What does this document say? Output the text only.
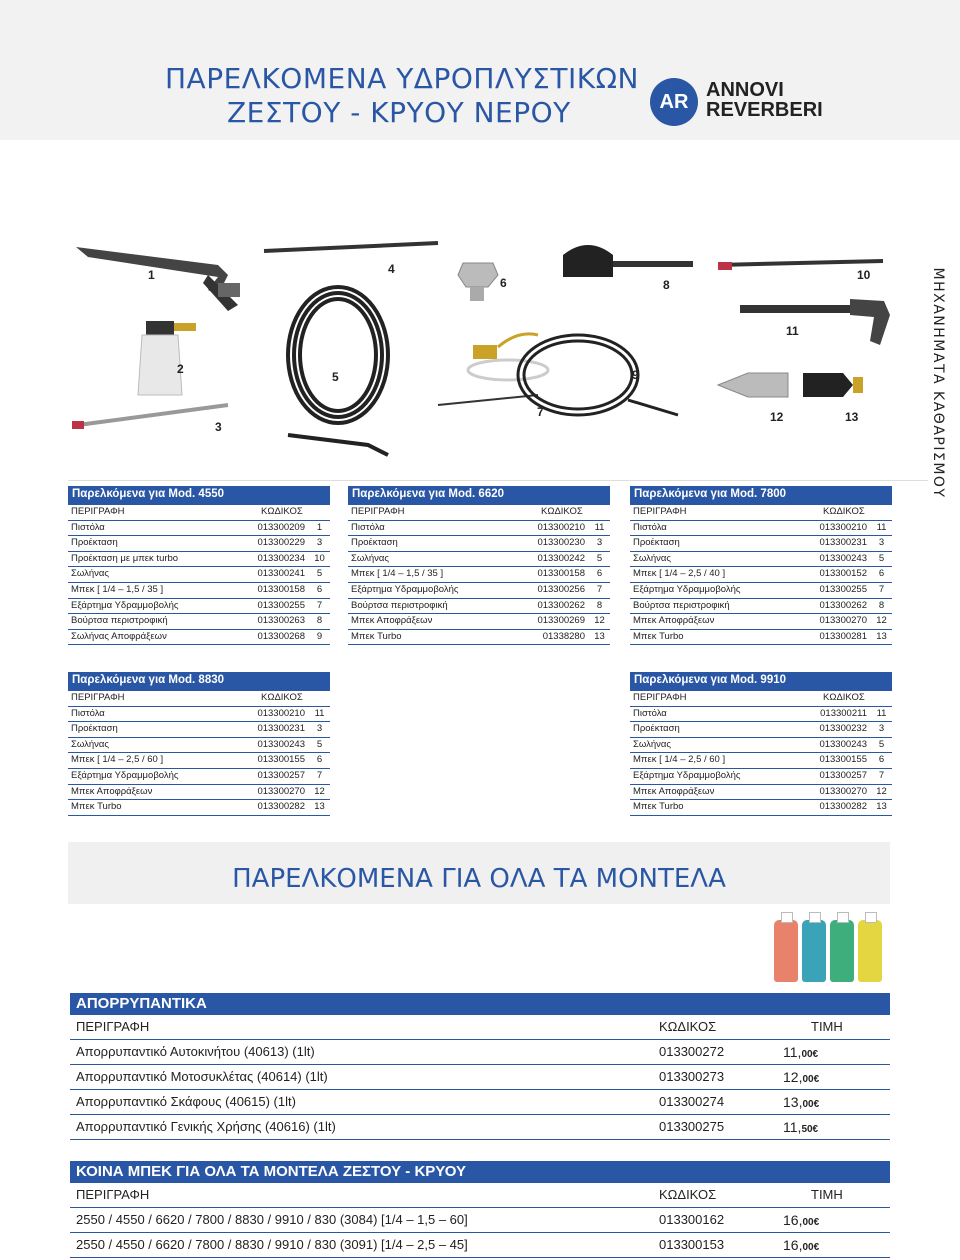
ΠΑΡΕΛΚΟΜΕΝΑ ΥΔΡΟΠΛΥΣΤΙΚΩΝ
ΖΕΣΤΟΥ - ΚΡΥΟΥ ΝΕΡΟΥ	AR
ANNOVI
REVERBERI
ΜΗΧΑΝΗΜΑΤΑ ΚΑΘΑΡΙΣΜΟΥ
1
2
3
4
5
6
7
8
9
10
11
12	13
Παρελκόμενα για Mod. 4550
ΠΕΡΙΓΡΑΦΗ	ΚΩΔΙΚΟΣ
Πιστόλα	013300209	1
Προέκταση	013300229	3
Προέκταση με μπεκ turbo	013300234 10
Σωλήνας	013300241	5
Μπεκ [ 1/4 – 1,5 / 35 ]	013300158	6
Εξάρτημα Υδραμμοβολής	013300255	7
Βούρτσα περιστροφική	013300263	8
Σωλήνας Αποφράξεων	013300268	9
Παρελκόμενα για Mod. 6620
ΠΕΡΙΓΡΑΦΗ	ΚΩΔΙΚΟΣ
Πιστόλα	013300210	11
Προέκταση	013300230	3
Σωλήνας	013300242	5
Μπεκ [ 1/4 – 1,5 / 35 ]	013300158	6
Εξάρτημα Υδραμμοβολής	013300256	7
Βούρτσα περιστροφική	013300262	8
Μπεκ Αποφράξεων	013300269 12
Μπεκ Turbo	01338280 13
Παρελκόμενα για Mod. 7800
ΠΕΡΙΓΡΑΦΗ	ΚΩΔΙΚΟΣ
Πιστόλα	013300210	11
Προέκταση	013300231	3
Σωλήνας	013300243	5
Μπεκ [ 1/4 – 2,5 / 40 ]	013300152	6
Εξάρτημα Υδραμμοβολής	013300255	7
Βούρτσα περιστροφική	013300262	8
Μπεκ Αποφράξεων	013300270 12
Μπεκ Turbo	013300281 13
Παρελκόμενα για Mod. 8830
ΠΕΡΙΓΡΑΦΗ	ΚΩΔΙΚΟΣ
Πιστόλα	013300210	11
Προέκταση	013300231	3
Σωλήνας	013300243	5
Μπεκ [ 1/4 – 2,5 / 60 ]	013300155	6
Εξάρτημα Υδραμμοβολής	013300257	7
Μπεκ Αποφράξεων	013300270 12
Μπεκ Turbo	013300282 13
Παρελκόμενα για Mod. 9910
ΠΕΡΙΓΡΑΦΗ	ΚΩΔΙΚΟΣ
Πιστόλα	013300211	11
Προέκταση	013300232	3
Σωλήνας	013300243	5
Μπεκ [ 1/4 – 2,5 / 60 ]	013300155	6
Εξάρτημα Υδραμμοβολής	013300257	7
Μπεκ Αποφράξεων	013300270 12
Μπεκ Turbo	013300282 13
ΠΑΡΕΛΚΟΜΕΝΑ ΓΙΑ ΟΛΑ ΤΑ ΜΟΝΤΕΛΑ
ΑΠΟΡΡΥΠΑΝΤΙΚΑ
ΠΕΡΙΓΡΑΦΗ	ΚΩΔΙΚΟΣ	ΤΙΜΗ
Απορρυπαντικό Αυτοκινήτου (40613) (1lt)	013300272	11,00€
Απορρυπαντικό Μοτοσυκλέτας (40614) (1lt)	013300273	12,00€
Απορρυπαντικό Σκάφους (40615) (1lt)	013300274	13,00€
Απορρυπαντικό Γενικής Χρήσης (40616) (1lt)	013300275	11,50€
ΚΟΙΝΑ ΜΠΕΚ ΓΙΑ ΟΛΑ ΤΑ ΜΟΝΤΕΛΑ ΖΕΣΤΟΥ - ΚΡΥΟΥ
ΠΕΡΙΓΡΑΦΗ	ΚΩΔΙΚΟΣ	ΤΙΜΗ
2550 / 4550 / 6620 / 7800 / 8830 / 9910 / 830 (3084) [1/4 – 1,5 – 60]	013300162	16,00€
2550 / 4550 / 6620 / 7800 / 8830 / 9910 / 830 (3091) [1/4 – 2,5 – 45]	013300153	16,00€
